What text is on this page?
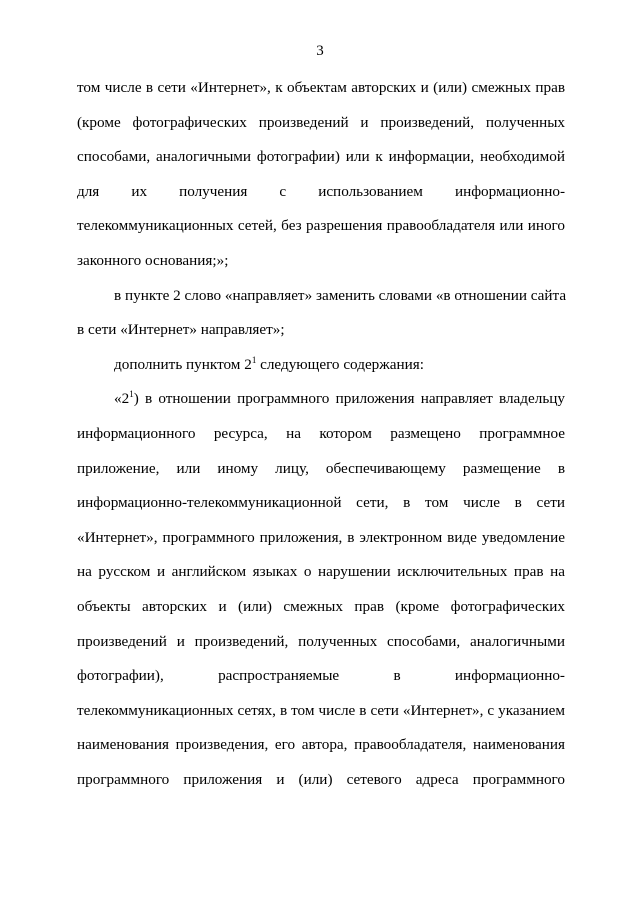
3

том числе в сети «Интернет», к объектам авторских и (или) смежных прав
(кроме фотографических произведений и произведений, полученных
способами, аналогичными фотографии) или к информации, необходимой
для их получения с использованием информационно-
телекоммуникационных сетей, без разрешения правообладателя или иного
законного основания;»;

в пункте 2 слово «направляет» заменить словами «в отношении сайта
в сети «Интернет» направляет»;

дополнить пунктом $2^1$ следующего содержания:

«$2^1$) в отношении программного приложения направляет владельцу
информационного ресурса, на котором размещено программное
приложение, или иному лицу, обеспечивающему размещение в
информационно-телекоммуникационной сети, в том числе в сети
«Интернет», программного приложения, в электронном виде уведомление
на русском и английском языках о нарушении исключительных прав на
объекты авторских и (или) смежных прав (кроме фотографических
произведений и произведений, полученных способами, аналогичными
фотографии), распространяемые в информационно-
телекоммуникационных сетях, в том числе в сети «Интернет», с указанием
наименования произведения, его автора, правообладателя, наименования
программного приложения и (или) сетевого адреса программного
